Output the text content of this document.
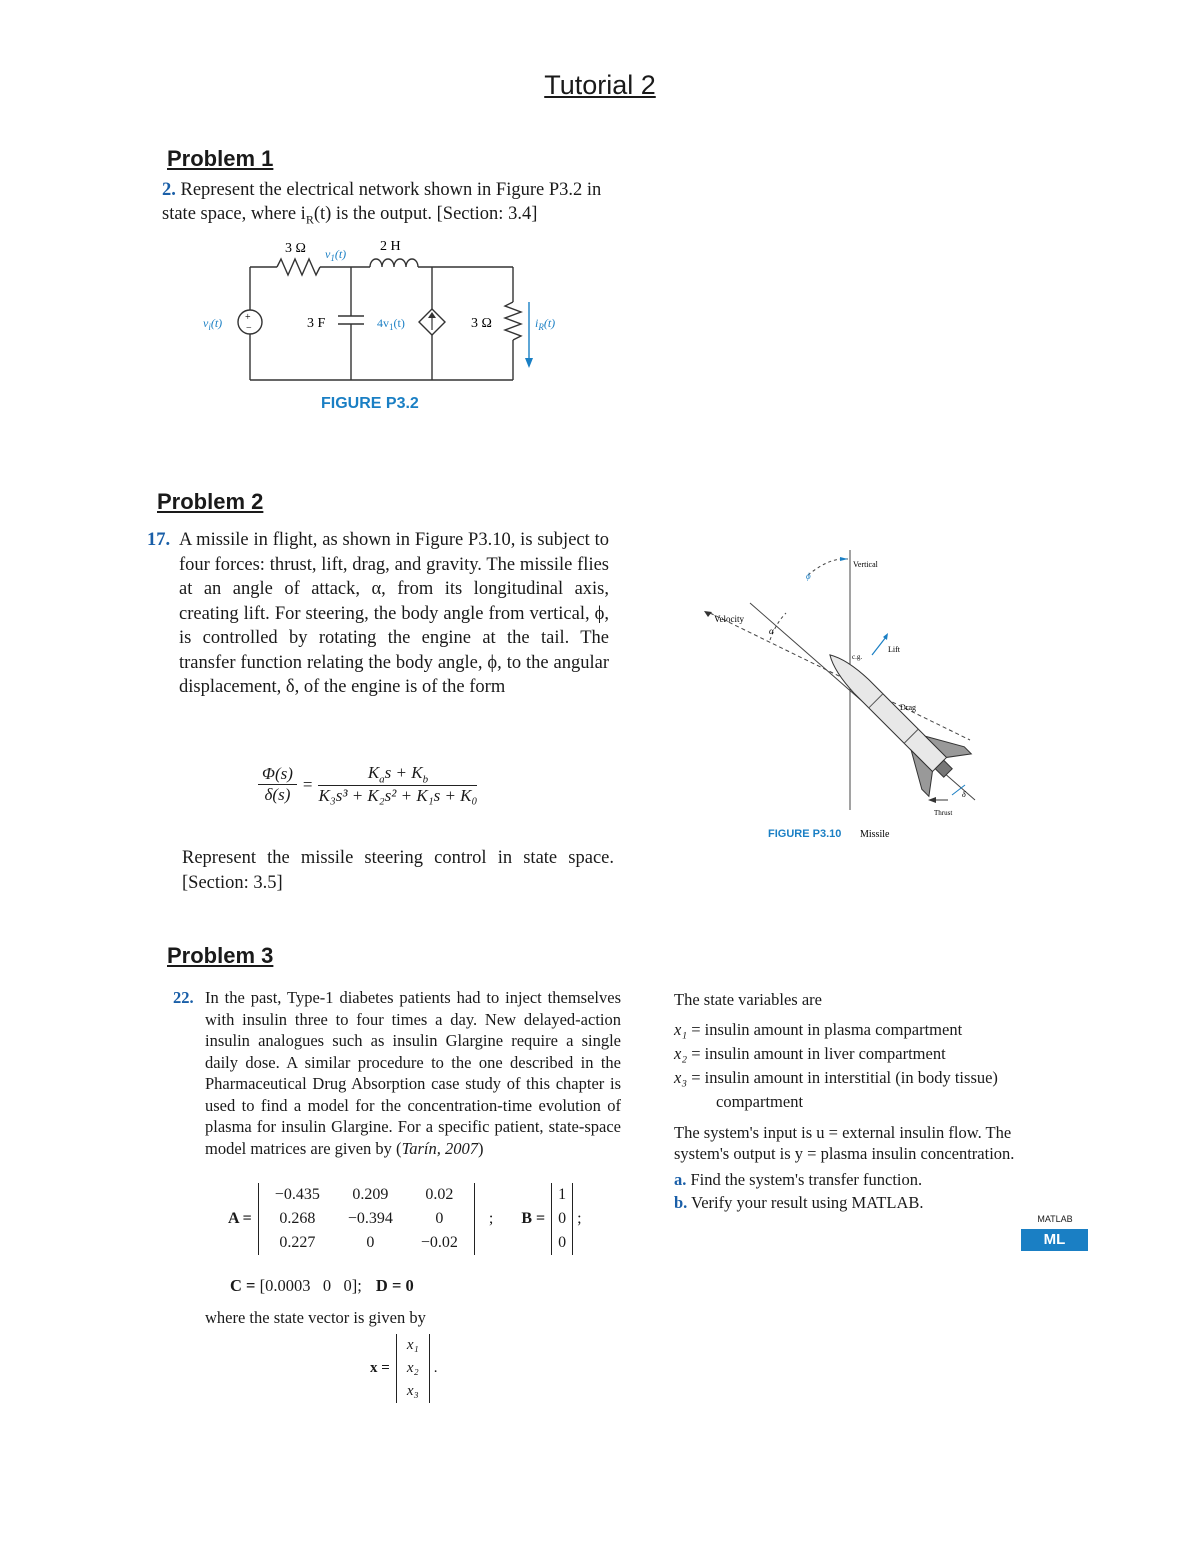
Tutorial 2
Problem 1
2. Represent the electrical network shown in Figure P3.2 in state space, where $i_R(t)$ is the output. [Section: 3.4]
3 Ω $v_1(t)$ 2 H
$v_i(t)$ +
−	3 F	$4v_1(t)$	3 Ω	$i_R(t)$
FIGURE P3.2
Problem 2
17. A missile in flight, as shown in Figure P3.10, is subject to four forces: thrust, lift, drag, and gravity. The missile flies at an angle of attack, α, from its longitudinal axis, creating lift. For steering, the body angle from vertical, ϕ, is controlled by rotating the engine at the tail. The transfer function relating the body angle, ϕ, to the angular displacement, δ, of the engine is of the form
$\frac{\Phi(s)}{\delta(s)}$ =
$K_as + K_b$
K₃s³ + K₂s² + K₁s + K₀
Represent the missile steering control in state space. [Section: 3.5]
Vertical
Velocity
c.g.
Lift
Drag
Thrust
ϕ
α
δ
FIGURE P3.10 Missile
Problem 3
22. In the past, Type-1 diabetes patients had to inject themselves with insulin three to four times a day. New delayed-action insulin analogues such as insulin Glargine require a single daily dose. A similar procedure to the one described in the Pharmaceutical Drug Absorption case study of this chapter is used to find a model for the concentration-time evolution of plasma for insulin Glargine. For a specific patient, state-space model matrices are given by (Tarín, 2007)
A =
−0.435	0.209	0.02
0.268	−0.394	0
0.227	0	−0.02
; B =
1
0
0
;
C = [0.0003   0   0]; D = 0
where the state vector is given by
x =
x₁
x₂
x₃
.

The state variables are

x₁ = insulin amount in plasma compartment

x₂ = insulin amount in liver compartment

x₃ = insulin amount in interstitial (in body tissue) compartment

The system's input is u = external insulin flow. The system's output is y = plasma insulin concentration.

a. Find the system's transfer function.

b. Verify your result using MATLAB.

MATLAB
ML
